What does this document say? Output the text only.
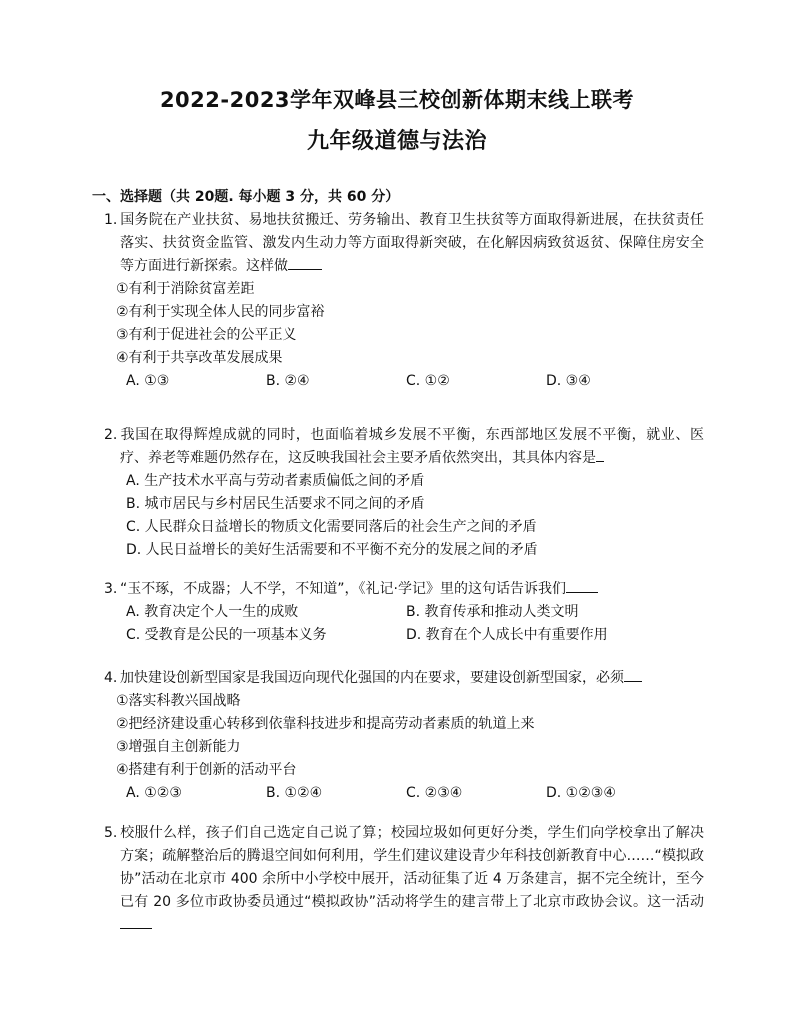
2022-2023学年双峰县三校创新体期末线上联考
九年级道德与法治
一、选择题（共 20题. 每小题 3 分，共 60 分）
1. 国务院在产业扶贫、易地扶贫搬迁、劳务输出、教育卫生扶贫等方面取得新进展，在扶贫责任落实、扶贫资金监管、激发内生动力等方面取得新突破，在化解因病致贫返贫、保障住房安全等方面进行新探索。这样做
①有利于消除贫富差距
②有利于实现全体人民的同步富裕
③有利于促进社会的公平正义
④有利于共享改革发展成果
A. ①③	B. ②④	C. ①②	D. ③④
2. 我国在取得辉煌成就的同时，也面临着城乡发展不平衡，东西部地区发展不平衡，就业、医疗、养老等难题仍然存在，这反映我国社会主要矛盾依然突出，其具体内容是
A. 生产技术水平高与劳动者素质偏低之间的矛盾
B. 城市居民与乡村居民生活要求不同之间的矛盾
C. 人民群众日益增长的物质文化需要同落后的社会生产之间的矛盾
D. 人民日益增长的美好生活需要和不平衡不充分的发展之间的矛盾
3. “玉不琢，不成器；人不学，不知道”，《礼记·学记》里的这句话告诉我们
A. 教育决定个人一生的成败	B. 教育传承和推动人类文明
C. 受教育是公民的一项基本义务	D. 教育在个人成长中有重要作用
4. 加快建设创新型国家是我国迈向现代化强国的内在要求，要建设创新型国家，必须
①落实科教兴国战略
②把经济建设重心转移到依靠科技进步和提高劳动者素质的轨道上来
③增强自主创新能力
④搭建有利于创新的活动平台
A. ①②③	B. ①②④	C. ②③④	D. ①②③④
5. 校服什么样，孩子们自己选定自己说了算；校园垃圾如何更好分类，学生们向学校拿出了解决方案；疏解整治后的腾退空间如何利用，学生们建议建设青少年科技创新教育中心……“模拟政协”活动在北京市 400 余所中小学校中展开，活动征集了近 4 万条建言，据不完全统计，至今已有 20 多位市政协委员通过“模拟政协”活动将学生的建言带上了北京市政协会议。这一活动
